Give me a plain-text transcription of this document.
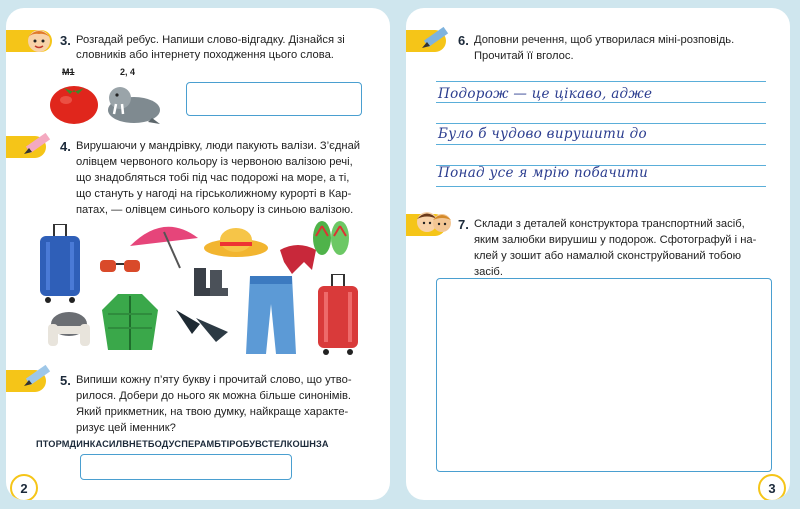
3. Розгадай ребус. Напиши слово-відгадку. Дізнайся зі
словників або інтернету походження цього слова.
М1	2, 4
4. Вирушаючи у мандрівку, люди пакують валізи. З’єднай
олівцем червоного кольору із червоною валізою речі,
що знадобляться тобі під час подорожі на море, а ті,
що стануть у нагоді на гірськолижному курорті в Кар-
патах, — олівцем синього кольору із синьою валізою.
5. Випиши кожну п’яту букву і прочитай слово, що утво-
рилося. Добери до нього як можна більше синонімів.
Який прикметник, на твою думку, найкраще характе-
ризує цей іменник?
ПТОРМДИНКАСИЛВНЕТБОДУСПЕРАМБТІРОБУВСТЕЛКОШНЗА
2
6. Доповни речення, щоб утворилася міні-розповідь.
Прочитай її вголос.
Подорож — це цікаво, адже
Було б чудово вирушити до
Понад усе я мрію побачити
7. Склади з деталей конструктора транспортний засіб,
яким залюбки вирушиш у подорож. Сфотографуй і на-
клей у зошит або намалюй сконструйований тобою
засіб.
3
